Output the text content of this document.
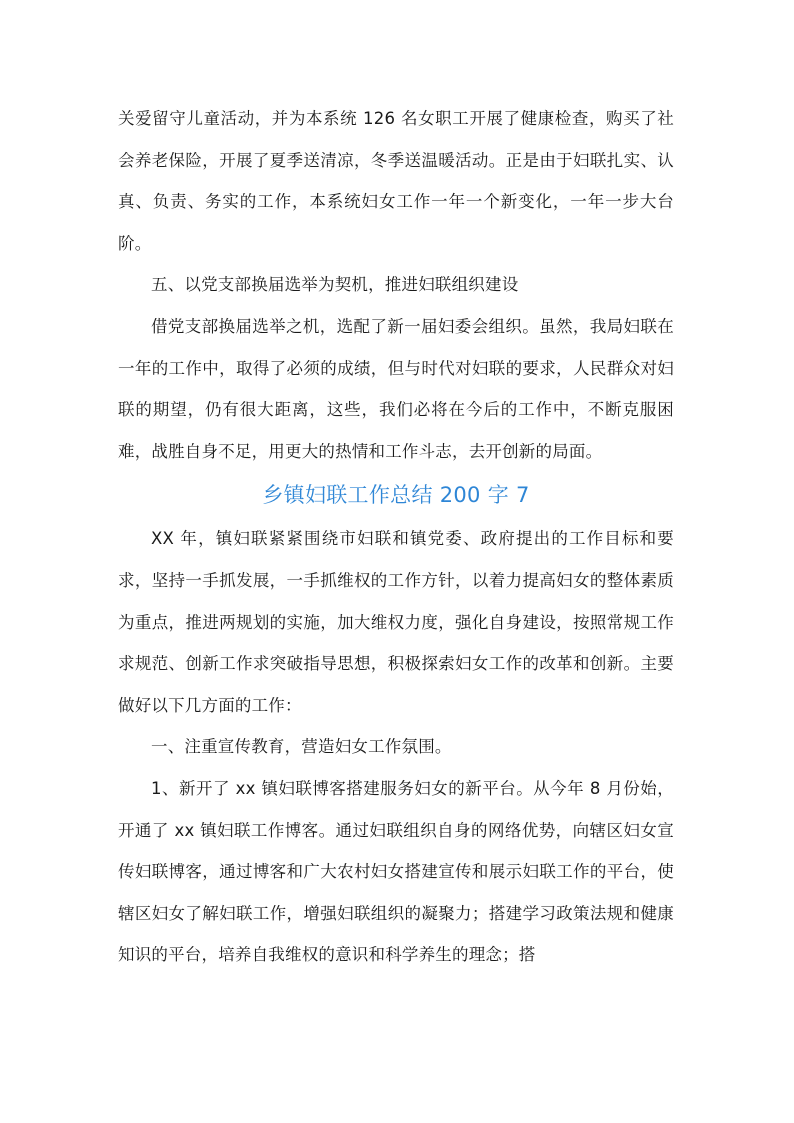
关爱留守儿童活动，并为本系统 126 名女职工开展了健康检查，购买了社会养老保险，开展了夏季送清凉，冬季送温暖活动。正是由于妇联扎实、认真、负责、务实的工作，本系统妇女工作一年一个新变化，一年一步大台阶。

五、以党支部换届选举为契机，推进妇联组织建设

借党支部换届选举之机，选配了新一届妇委会组织。虽然，我局妇联在一年的工作中，取得了必须的成绩，但与时代对妇联的要求，人民群众对妇联的期望，仍有很大距离，这些，我们必将在今后的工作中，不断克服困难，战胜自身不足，用更大的热情和工作斗志，去开创新的局面。

乡镇妇联工作总结 200 字 7

XX 年，镇妇联紧紧围绕市妇联和镇党委、政府提出的工作目标和要求，坚持一手抓发展，一手抓维权的工作方针，以着力提高妇女的整体素质为重点，推进两规划的实施，加大维权力度，强化自身建设，按照常规工作求规范、创新工作求突破指导思想，积极探索妇女工作的改革和创新。主要做好以下几方面的工作：

一、注重宣传教育，营造妇女工作氛围。

1、新开了 xx 镇妇联博客搭建服务妇女的新平台。从今年 8 月份始，开通了 xx 镇妇联工作博客。通过妇联组织自身的网络优势，向辖区妇女宣传妇联博客，通过博客和广大农村妇女搭建宣传和展示妇联工作的平台，使辖区妇女了解妇联工作，增强妇联组织的凝聚力；搭建学习政策法规和健康知识的平台，培养自我维权的意识和科学养生的理念；搭
